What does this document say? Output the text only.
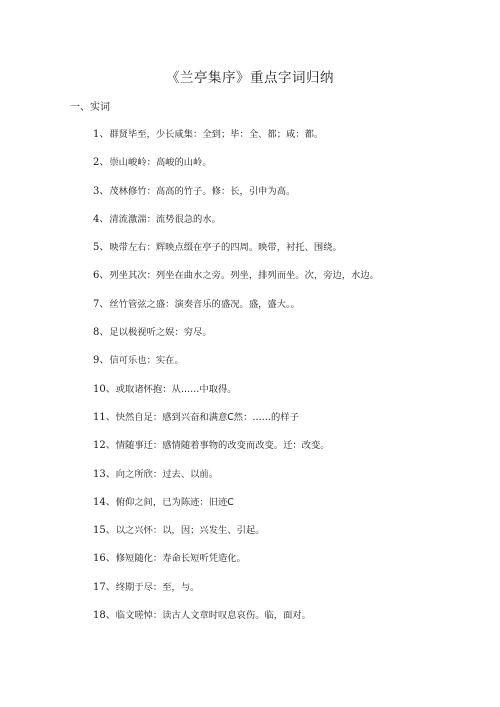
《兰亭集序》重点字词归纳
一、实词
1、群贤毕至，少长咸集：全到；毕：全、都；咸：都。
2、崇山峻岭：高峻的山岭。
3、茂林修竹：高高的竹子。修：长，引申为高。
4、清流激湍：流势很急的水。
5、映带左右：辉映点缀在亭子的四周。映带，衬托、围绕。
6、列坐其次：列坐在曲水之旁。列坐，排列而坐。次，旁边，水边。
7、丝竹管弦之盛：演奏音乐的盛况。盛，盛大。。
8、足以极视听之娱：穷尽。
9、信可乐也：实在。
10、或取诸怀抱：从……中取得。
11、快然自足：感到兴奋和满意C然：……的样子
12、情随事迁：感情随着事物的改变而改变。迁：改变。
13、向之所欣：过去、以前。
14、俯仰之间，已为陈迹：旧迹C
15、以之兴怀：以，因；兴发生、引起。
16、修短随化：寿命长短听凭造化。
17、终期于尽：至，与。
18、临文嗟悼：读古人文章时叹息哀伤。临，面对。
